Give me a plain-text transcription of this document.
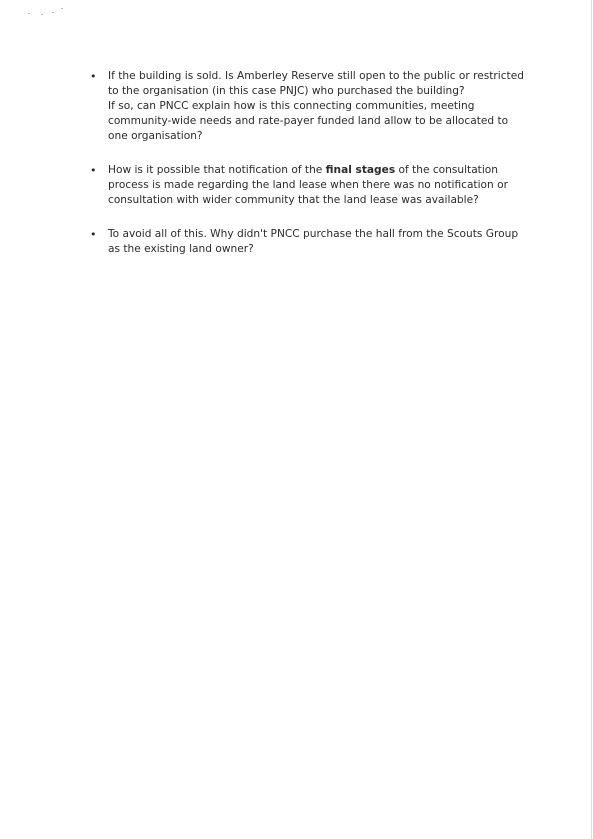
• If the building is sold. Is Amberley Reserve still open to the public or restricted to the organisation (in this case PNJC) who purchased the building?
If so, can PNCC explain how is this connecting communities, meeting community-wide needs and rate-payer funded land allow to be allocated to one organisation?
• How is it possible that notification of the final stages of the consultation process is made regarding the land lease when there was no notification or consultation with wider community that the land lease was available?
• To avoid all of this. Why didn't PNCC purchase the hall from the Scouts Group as the existing land owner?
